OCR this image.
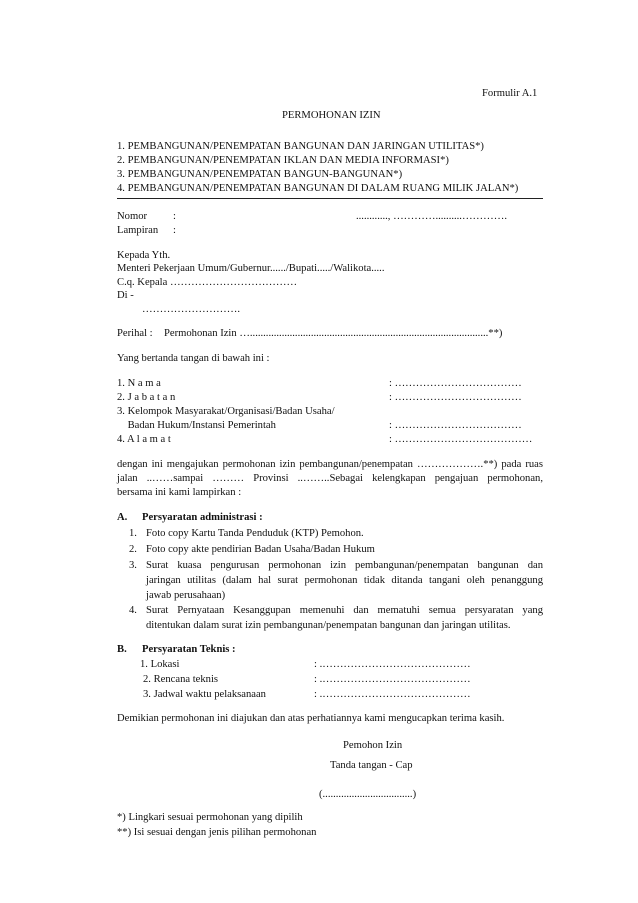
Formulir A.1
PERMOHONAN IZIN
1. PEMBANGUNAN/PENEMPATAN BANGUNAN DAN JARINGAN UTILITAS*)
2. PEMBANGUNAN/PENEMPATAN IKLAN DAN MEDIA INFORMASI*)
3. PEMBANGUNAN/PENEMPATAN BANGUN-BANGUNAN*)
4. PEMBANGUNAN/PENEMPATAN BANGUNAN DI DALAM RUANG MILIK JALAN*)
Nomor :	............, …………..........………….
Lampiran :
Kepada Yth.
Menteri Pekerjaan Umum/Gubernur....../Bupati...../Walikota.....
C.q. Kepala ………………………………
Di -
……………………….
Perihal : Permohonan Izin …..........................................................................................**)
Yang bertanda tangan di bawah ini :
1. N a m a	: ………………………………
2. J a b a t a n	: ………………………………
3. Kelompok Masyarakat/Organisasi/Badan Usaha/
Badan Hukum/Instansi Pemerintah	: ………………………………
4. A l a m a t	: …………………………………
dengan ini mengajukan permohonan izin pembangunan/penempatan ……………….**) pada ruas
jalan ..……sampai ……… Provinsi ..……..Sebagai kelengkapan pengajuan permohonan,
bersama ini kami lampirkan :
A. Persyaratan administrasi :
1. Foto copy Kartu Tanda Penduduk (KTP) Pemohon.
2. Foto copy akte pendirian Badan Usaha/Badan Hukum
3. Surat kuasa pengurusan permohonan izin pembangunan/penempatan bangunan dan
jaringan utilitas (dalam hal surat permohonan tidak ditanda tangani oleh penanggung
jawab perusahaan)
4. Surat Pernyataan Kesanggupan memenuhi dan mematuhi semua persyaratan yang
ditentukan dalam surat izin pembangunan/penempatan bangunan dan jaringan utilitas.
B. Persyaratan Teknis :
1. Lokasi	: .……………………………………
2. Rencana teknis	: .……………………………………
3. Jadwal waktu pelaksanaan	: .……………………………………
Demikian permohonan ini diajukan dan atas perhatiannya kami mengucapkan terima kasih.
Pemohon Izin
Tanda tangan - Cap
(..................................)
*) Lingkari sesuai permohonan yang dipilih
**) Isi sesuai dengan jenis pilihan permohonan
